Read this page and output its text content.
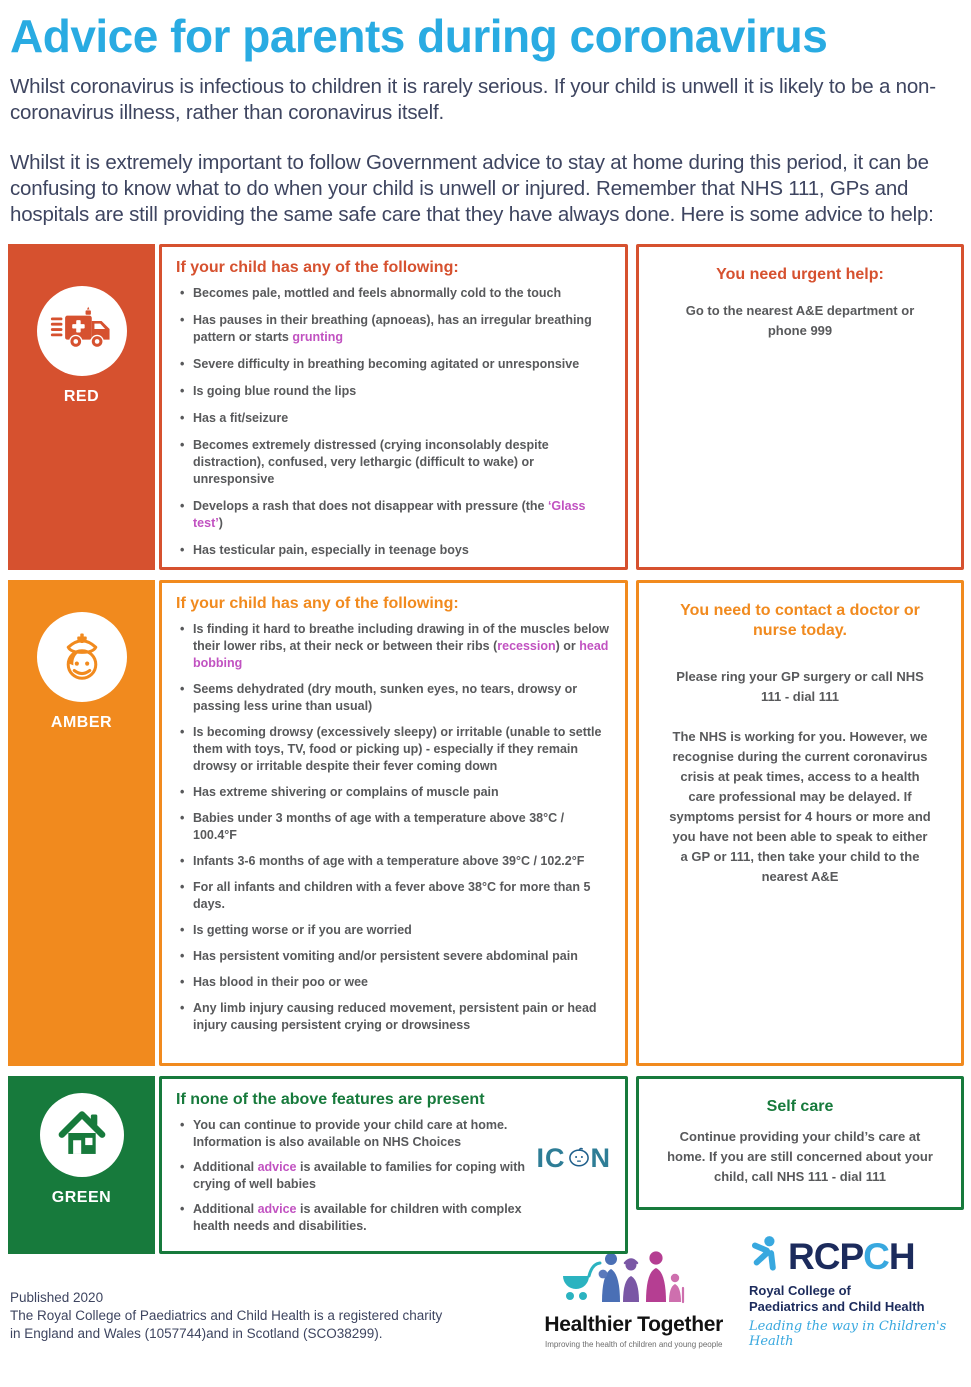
Advice for parents during coronavirus

Whilst coronavirus is infectious to children it is rarely serious. If your child is unwell it is likely to be a non-coronavirus illness, rather than coronavirus itself.

Whilst it is extremely important to follow Government advice to stay at home during this period, it can be confusing to know what to do when your child is unwell or injured. Remember that NHS 111, GPs and hospitals are still providing the same safe care that they have always done. Here is some advice to help:

RED
If your child has any of the following:
• Becomes pale, mottled and feels abnormally cold to the touch
• Has pauses in their breathing (apnoeas), has an irregular breathing pattern or starts grunting
• Severe difficulty in breathing becoming agitated or unresponsive
• Is going blue round the lips
• Has a fit/seizure
• Becomes extremely distressed (crying inconsolably despite distraction), confused, very lethargic (difficult to wake) or unresponsive
• Develops a rash that does not disappear with pressure (the ‘Glass test’)
• Has testicular pain, especially in teenage boys
You need urgent help:

Go to the nearest A&E department or phone 999

AMBER
If your child has any of the following:
• Is finding it hard to breathe including drawing in of the muscles below their lower ribs, at their neck or between their ribs (recession) or head bobbing
• Seems dehydrated (dry mouth, sunken eyes, no tears, drowsy or passing less urine than usual)
• Is becoming drowsy (excessively sleepy) or irritable (unable to settle them with toys, TV, food or picking up) - especially if they remain drowsy or irritable despite their fever coming down
• Has extreme shivering or complains of muscle pain
• Babies under 3 months of age with a temperature above 38°C / 100.4°F
• Infants 3-6 months of age with a temperature above 39°C / 102.2°F
• For all infants and children with a fever above 38°C for more than 5 days.
• Is getting worse or if you are worried
• Has persistent vomiting and/or persistent severe abdominal pain
• Has blood in their poo or wee
• Any limb injury causing reduced movement, persistent pain or head injury causing persistent crying or drowsiness
You need to contact a doctor or nurse today.

Please ring your GP surgery or call NHS 111 - dial 111

The NHS is working for you. However, we recognise during the current coronavirus crisis at peak times, access to a health care professional may be delayed. If symptoms persist for 4 hours or more and you have not been able to speak to either a GP or 111, then take your child to the nearest A&E

GREEN
If none of the above features are present
• You can continue to provide your child care at home. Information is also available on NHS Choices
• Additional advice is available to families for coping with crying of well babies
• Additional advice is available for children with complex health needs and disabilities.
IC N
Self care

Continue providing your child’s care at home. If you are still concerned about your child, call NHS 111 - dial 111

Published 2020
The Royal College of Paediatrics and Child Health is a registered charity
in England and Wales (1057744)and in Scotland (SCO38299).	Healthier Together
Improving the health of children and young people
RCPCH
Royal College of
Paediatrics and Child Health
Leading the way in Children's Health
